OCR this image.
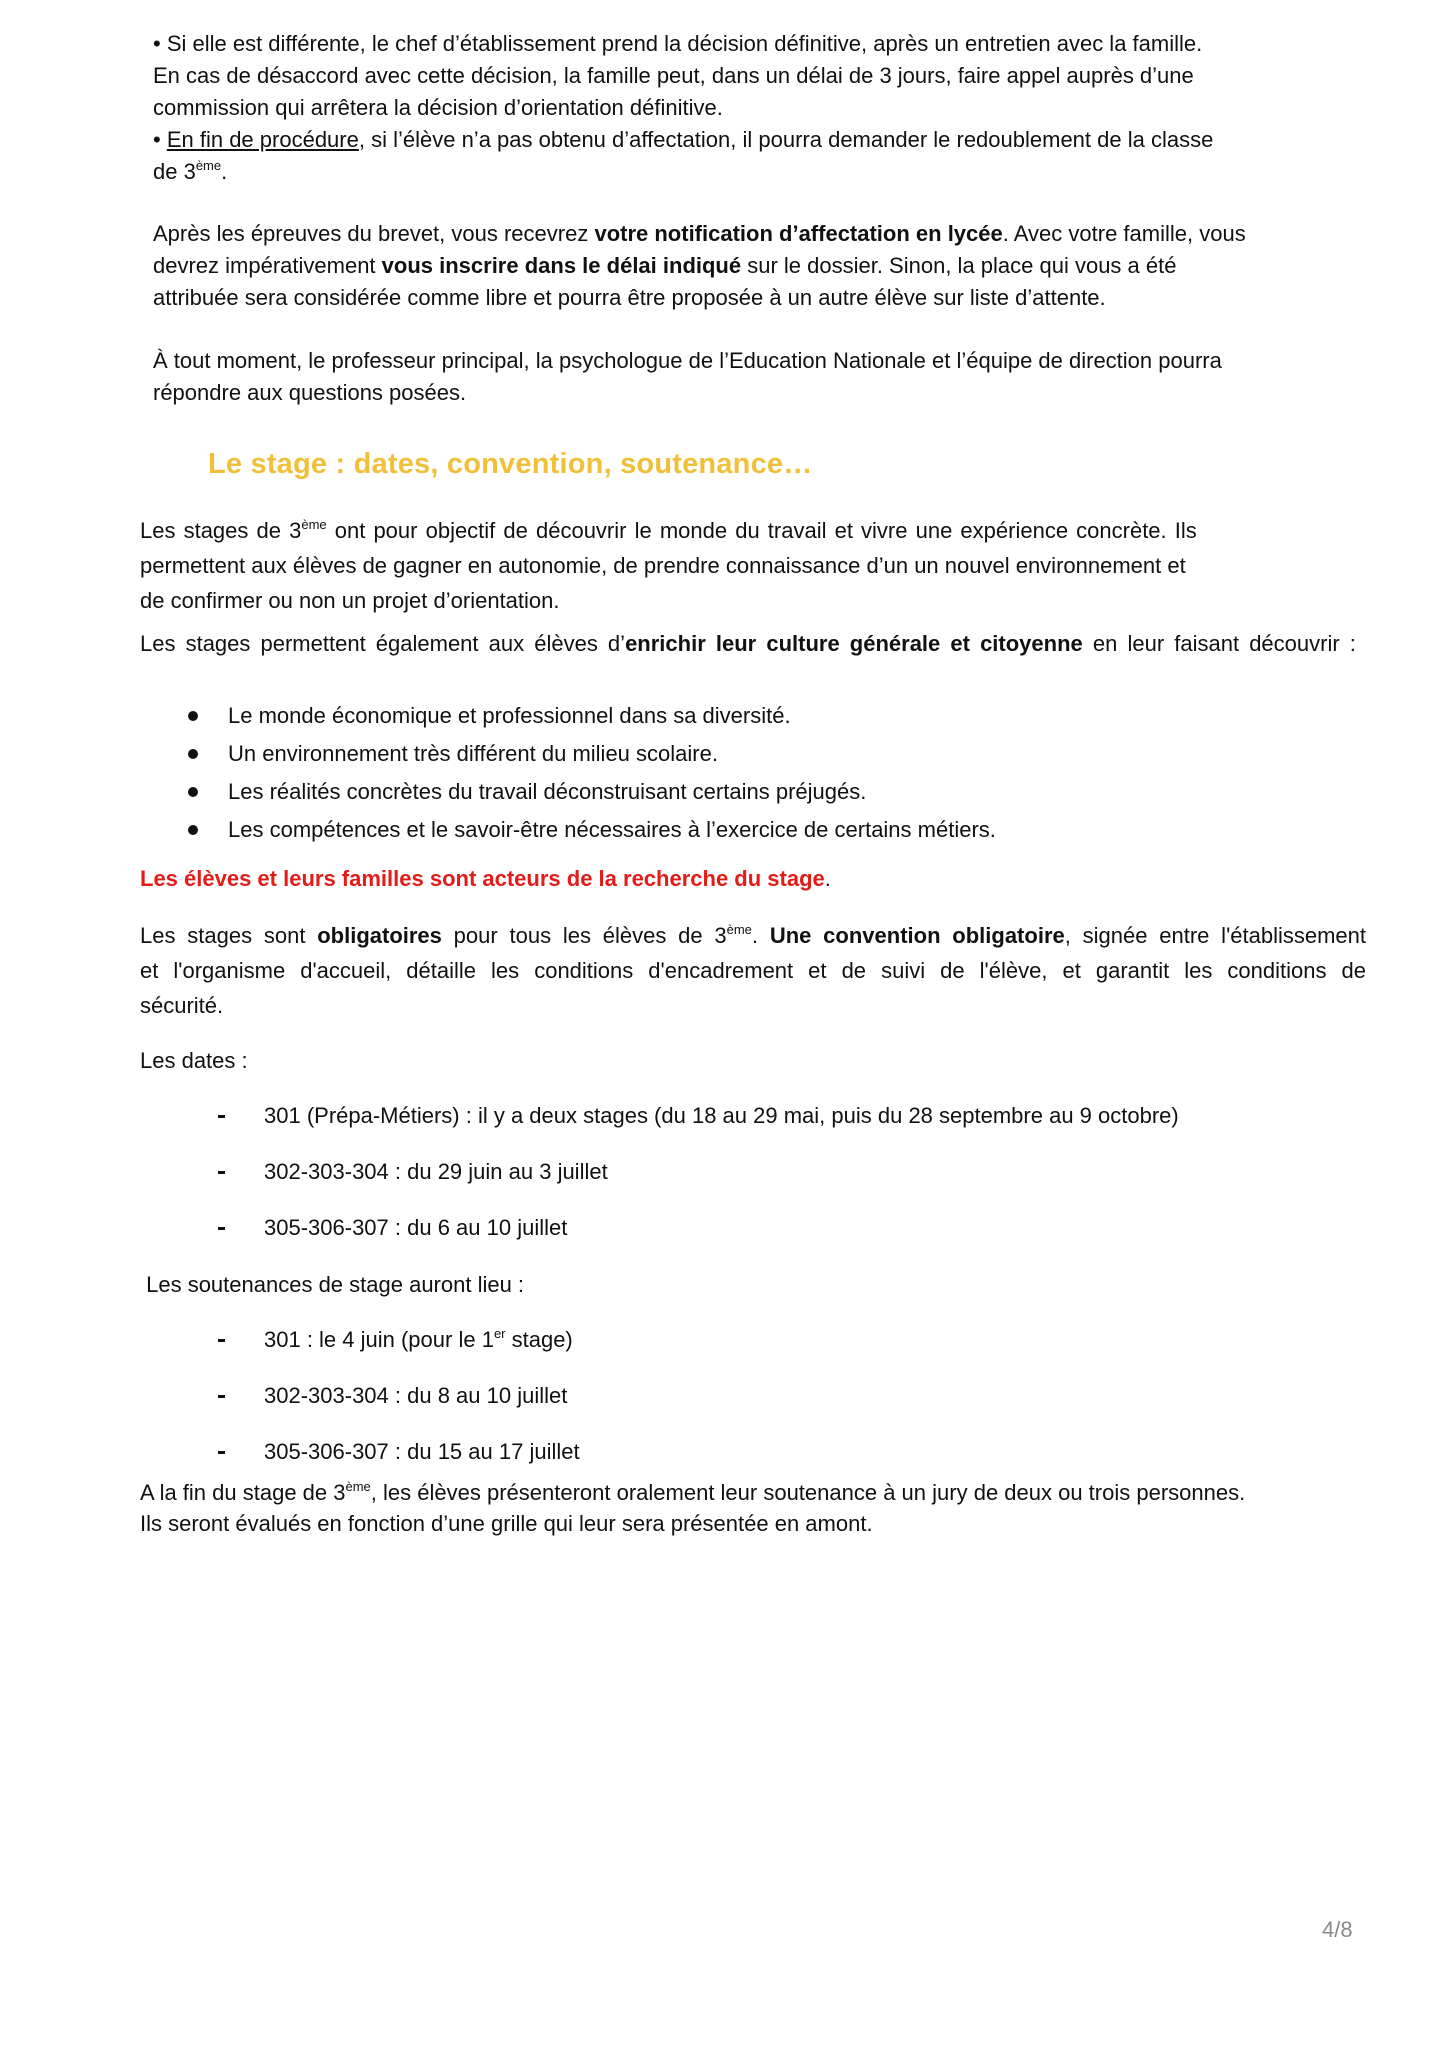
• Si elle est différente, le chef d’établissement prend la décision définitive, après un entretien avec la famille.
En cas de désaccord avec cette décision, la famille peut, dans un délai de 3 jours, faire appel auprès d’une
commission qui arrêtera la décision d’orientation définitive.
• En fin de procédure, si l’élève n’a pas obtenu d’affectation, il pourra demander le redoublement de la classe
de 3ème.
Après les épreuves du brevet, vous recevrez votre notification d’affectation en lycée. Avec votre famille, vous
devrez impérativement vous inscrire dans le délai indiqué sur le dossier. Sinon, la place qui vous a été
attribuée sera considérée comme libre et pourra être proposée à un autre élève sur liste d’attente.
À tout moment, le professeur principal, la psychologue de l’Education Nationale et l’équipe de direction pourra
répondre aux questions posées.
Le stage : dates, convention, soutenance…
Les stages de 3ème ont pour objectif de découvrir le monde du travail et vivre une expérience concrète. Ils
permettent aux élèves de gagner en autonomie, de prendre connaissance d’un un nouvel environnement et
de confirmer ou non un projet d’orientation.
Les stages permettent également aux élèves d’enrichir leur culture générale et citoyenne en leur faisant découvrir :
Le monde économique et professionnel dans sa diversité.
Un environnement très différent du milieu scolaire.
Les réalités concrètes du travail déconstruisant certains préjugés.
Les compétences et le savoir-être nécessaires à l’exercice de certains métiers.
Les élèves et leurs familles sont acteurs de la recherche du stage.
Les stages sont obligatoires pour tous les élèves de 3ème. Une convention obligatoire, signée entre l'établissement et l'organisme d'accueil, détaille les conditions d'encadrement et de suivi de l'élève, et garantit les conditions de sécurité.
Les dates :
301 (Prépa-Métiers) : il y a deux stages (du 18 au 29 mai, puis du 28 septembre au 9 octobre)
302-303-304 : du 29 juin au 3 juillet
305-306-307 : du 6 au 10 juillet
Les soutenances de stage auront lieu :
301 : le 4 juin (pour le 1er stage)
302-303-304 : du 8 au 10 juillet
305-306-307 : du 15 au 17 juillet
A la fin du stage de 3ème, les élèves présenteront oralement leur soutenance à un jury de deux ou trois personnes.
Ils seront évalués en fonction d’une grille qui leur sera présentée en amont.
4/8
